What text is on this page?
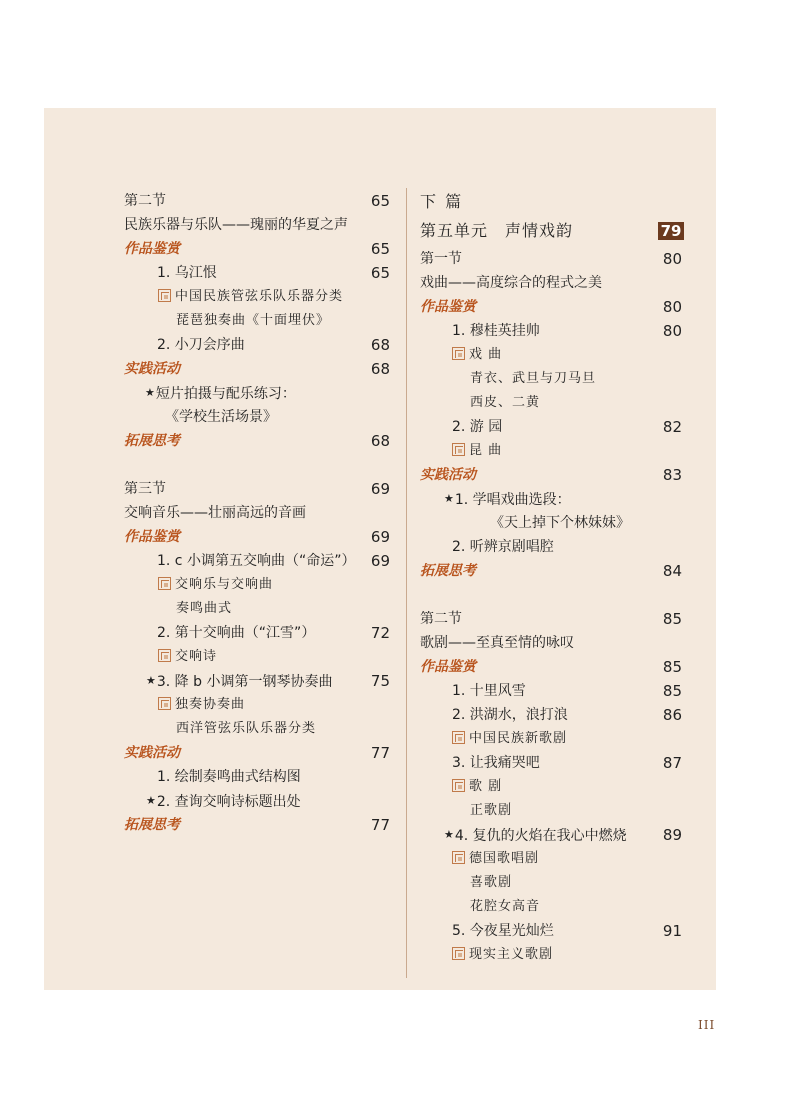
第二节	65
民族乐器与乐队——瑰丽的华夏之声
作品鉴赏	65
1. 乌江恨	65
中国民族管弦乐队乐器分类
琵琶独奏曲《十面埋伏》
2. 小刀会序曲	68
实践活动	68
★短片拍摄与配乐练习：
《学校生活场景》
拓展思考	68
第三节	69
交响音乐——壮丽高远的音画
作品鉴赏	69
1. c 小调第五交响曲（“命运”）	69
交响乐与交响曲
奏鸣曲式
2. 第十交响曲（“江雪”）	72
交响诗
★3. 降 b 小调第一钢琴协奏曲	75
独奏协奏曲
西洋管弦乐队乐器分类
实践活动	77
1. 绘制奏鸣曲式结构图
★2. 查询交响诗标题出处
拓展思考	77
下 篇
第五单元　声情戏韵	79
第一节	80
戏曲——高度综合的程式之美
作品鉴赏	80
1. 穆桂英挂帅	80
戏 曲
青衣、武旦与刀马旦
西皮、二黄
2. 游 园	82
昆 曲
实践活动	83
★1. 学唱戏曲选段：
《天上掉下个林妹妹》
2. 听辨京剧唱腔
拓展思考	84
第二节	85
歌剧——至真至情的咏叹
作品鉴赏	85
1. 十里风雪	85
2. 洪湖水，浪打浪	86
中国民族新歌剧
3. 让我痛哭吧	87
歌 剧
正歌剧
★4. 复仇的火焰在我心中燃烧	89
德国歌唱剧
喜歌剧
花腔女高音
5. 今夜星光灿烂	91
现实主义歌剧
III
